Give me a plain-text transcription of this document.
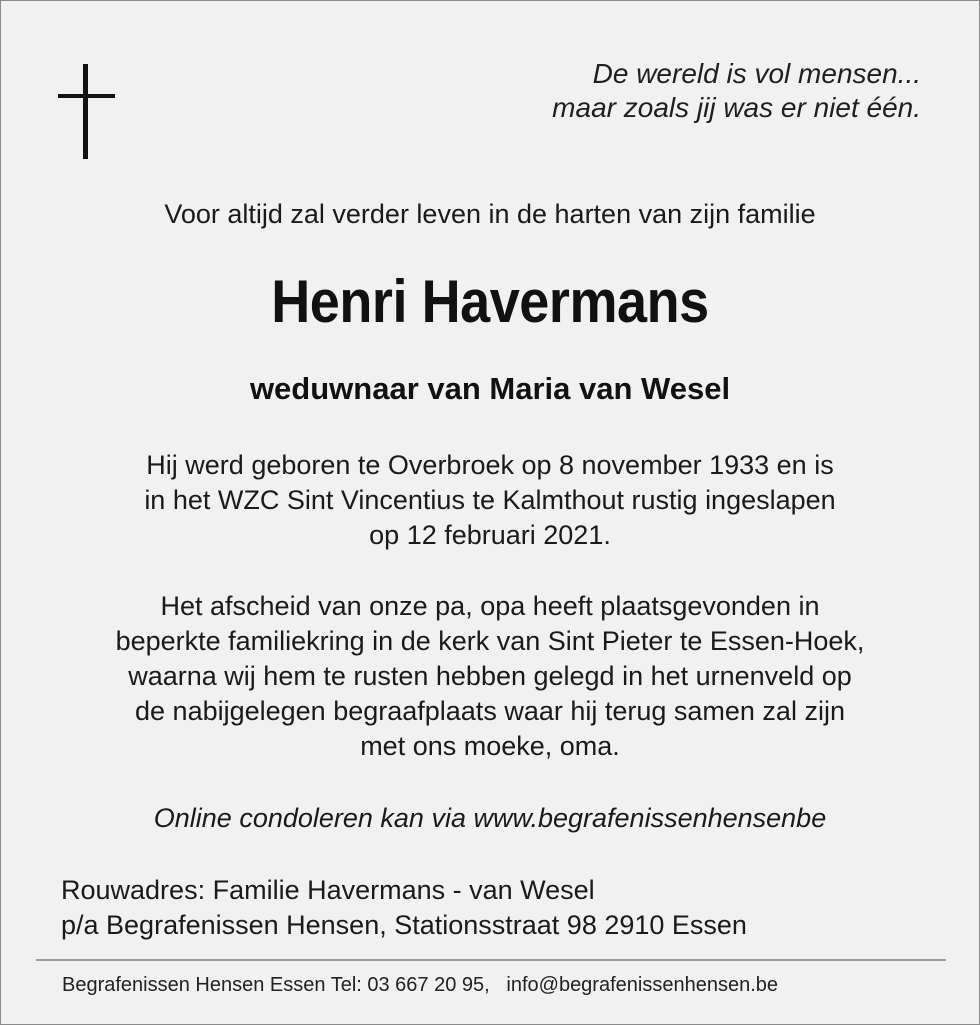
De wereld is vol mensen...
maar zoals jij was er niet één.
Voor altijd zal verder leven in de harten van zijn familie
Henri Havermans
weduwnaar van Maria van Wesel
Hij werd geboren te Overbroek op 8 november 1933 en is
in het WZC Sint Vincentius te Kalmthout rustig ingeslapen
op 12 februari 2021.
Het afscheid van onze pa, opa heeft plaatsgevonden in
beperkte familiekring in de kerk van Sint Pieter te Essen-Hoek,
waarna wij hem te rusten hebben gelegd in het urnenveld op
de nabijgelegen begraafplaats waar hij terug samen zal zijn
met ons moeke, oma.
Online condoleren kan via www.begrafenissenhensenbe
Rouwadres: Familie Havermans - van Wesel
p/a Begrafenissen Hensen, Stationsstraat 98 2910 Essen
Begrafenissen Hensen Essen Tel: 03 667 20 95, info@begrafenissenhensen.be
